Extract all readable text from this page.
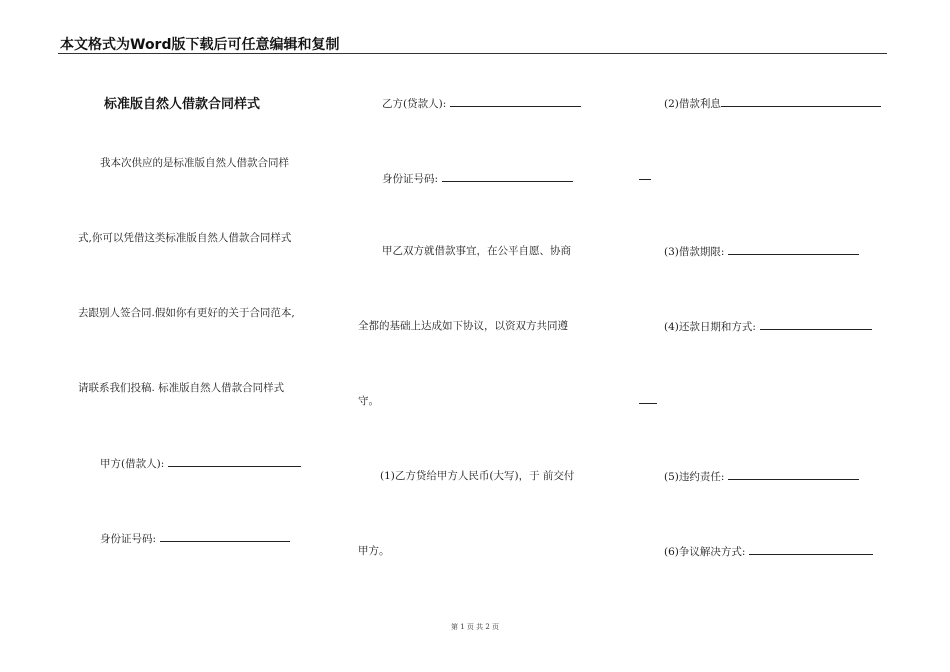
本文格式为Word版下载后可任意编辑和复制
标准版自然人借款合同样式
我本次供应的是标准版自然人借款合同样
式,你可以凭借这类标准版自然人借款合同样式
去跟别人签合同.假如你有更好的关于合同范本,
请联系我们投稿. 标准版自然人借款合同样式
甲方(借款人):
身份证号码:
乙方(贷款人):
身份证号码:
甲乙双方就借款事宜，在公平自愿、协商
全都的基础上达成如下协议，以资双方共同遵
守。
(1)乙方贷给甲方人民币(大写)，于 前交付
甲方。
(2)借款利息
(3)借款期限:
(4)还款日期和方式:
(5)违约责任:
(6)争议解决方式:
第 1 页 共 2 页
